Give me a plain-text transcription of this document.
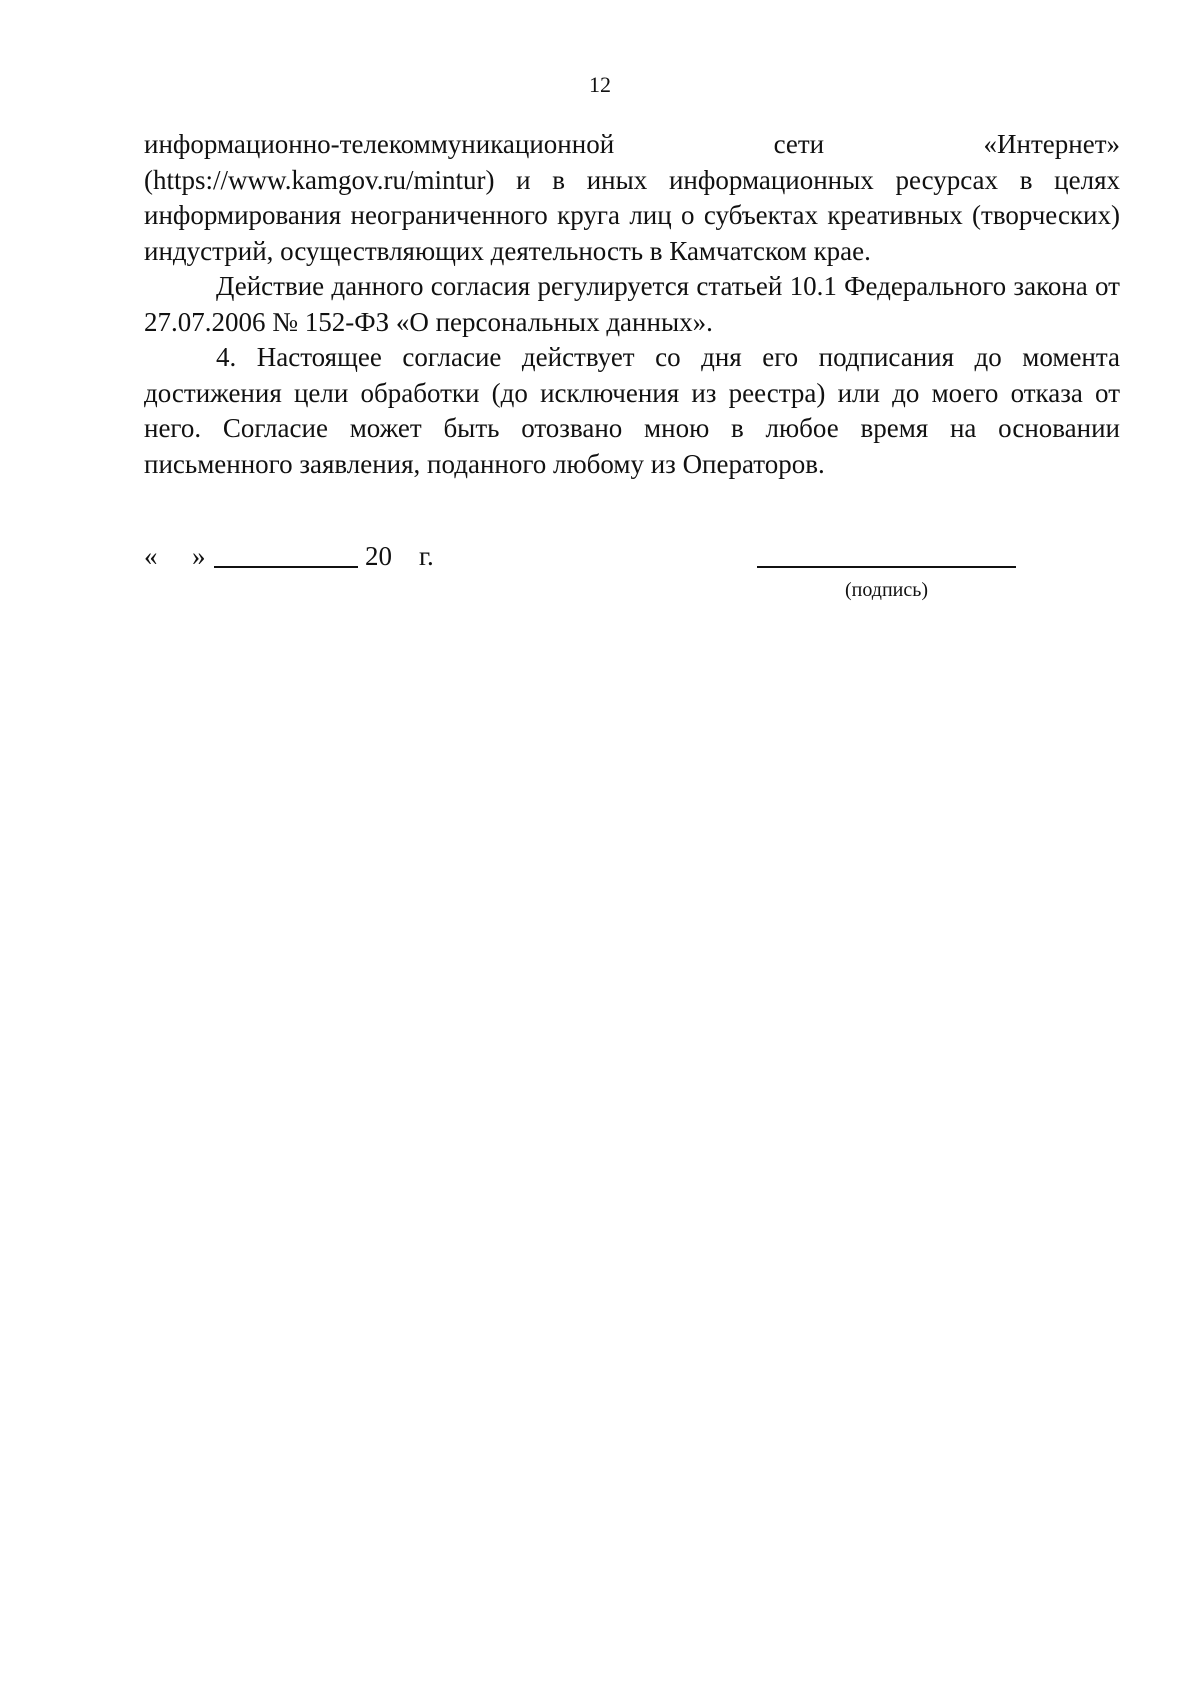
12
информационно-телекоммуникационной	сети	«Интернет»

(https://www.kamgov.ru/mintur) и в иных информационных ресурсах в целях информирования неограниченного круга лиц о субъектах креативных (творческих) индустрий, осуществляющих деятельность в Камчатском крае.

Действие данного согласия регулируется статьей 10.1 Федерального закона от 27.07.2006 № 152-ФЗ «О персональных данных».

4. Настоящее согласие действует со дня его подписания до момента достижения цели обработки (до исключения из реестра) или до моего отказа от него. Согласие может быть отозвано мною в любое время на основании письменного заявления, поданного любому из Операторов.

« »	20 г.
(подпись)
